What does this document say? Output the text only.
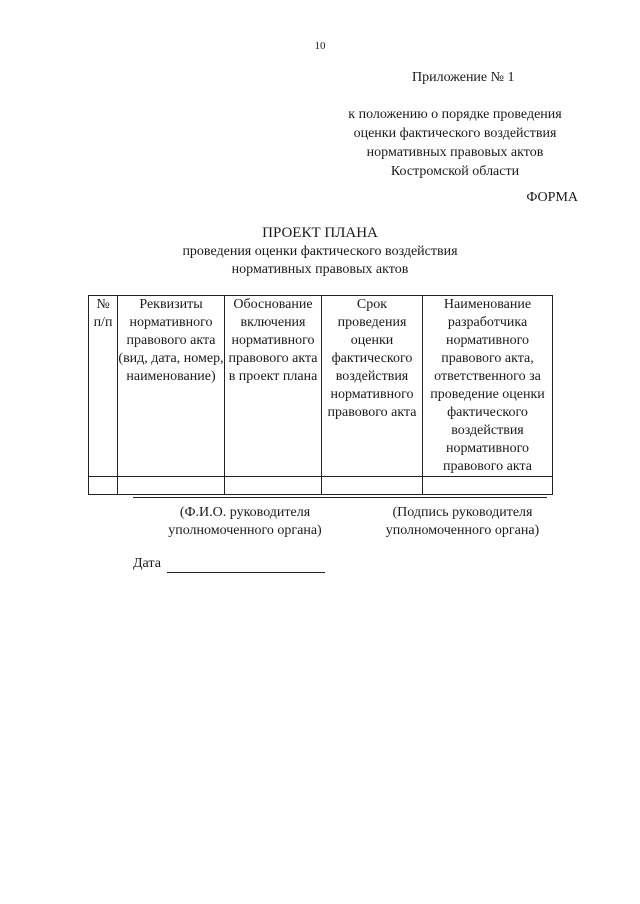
10
Приложение № 1
к положению о порядке проведения
оценки фактического воздействия
нормативных правовых актов
Костромской области
ФОРМА
ПРОЕКТ ПЛАНА
проведения оценки фактического воздействия
нормативных правовых актов
№ п/п	Реквизиты нормативного правового акта (вид, дата, номер, наименование)	Обоснование включения нормативного правового акта в проект плана	Срок проведения оценки фактического воздействия нормативного правового акта	Наименование разработчика нормативного правового акта, ответственного за проведение оценки фактического воздействия нормативного правового акта

(Ф.И.О. руководителя уполномоченного органа)
(Подпись руководителя уполномоченного органа)
Дата
